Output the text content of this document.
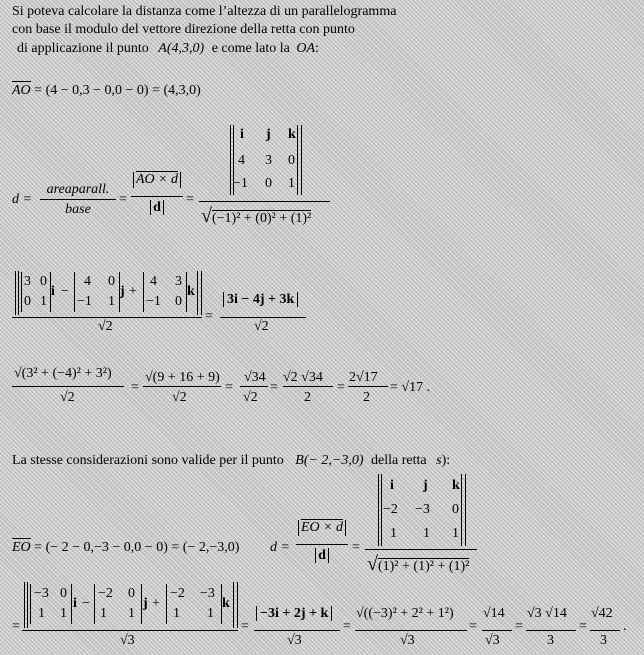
Si poteva calcolare la distanza come l’altezza di un parallelogramma
con base il modulo del vettore direzione della retta con punto
di applicazione il punto A(4,3,0) e come lato la OA:
AO = (4 − 0,3 − 0,0 − 0) = (4,3,0)
d =
areaparall.
base
= $\frac{AO \times d}{d}$ =
i j k
4 3 0
−1 0 1
√(−1)² + (0)² + (1)²
3 0
0 1
i −
4 0
−1 1
j +
4 3
−1 0
k
√2
=
3i − 4j + 3k
√2
√(3² + (−4)² + 3²)
√2
=
√(9 + 16 + 9)
√2
=
√34
√2
=
√2 √34
2
=
2√17
2
= √17 .
La stesse considerazioni sono valide per il punto B(− 2,−3,0) della retta s):
EO = (− 2 − 0,−3 − 0,0 − 0) = (− 2,−3,0) $d = \frac{EO \times d}{d}$ =
i j k
−2 −3 0
1 1 1
√(1)² + (1)² + (1)²
=
−3 0
1 1
i −
−2 0
1 1
j +
−2 −3
1 1
k
√3
=
−3i + 2j + k
√3
=
√((−3)² + 2² + 1²)
√3
=
√14
√3
=
√3 √14
3
=
√42
3
.
